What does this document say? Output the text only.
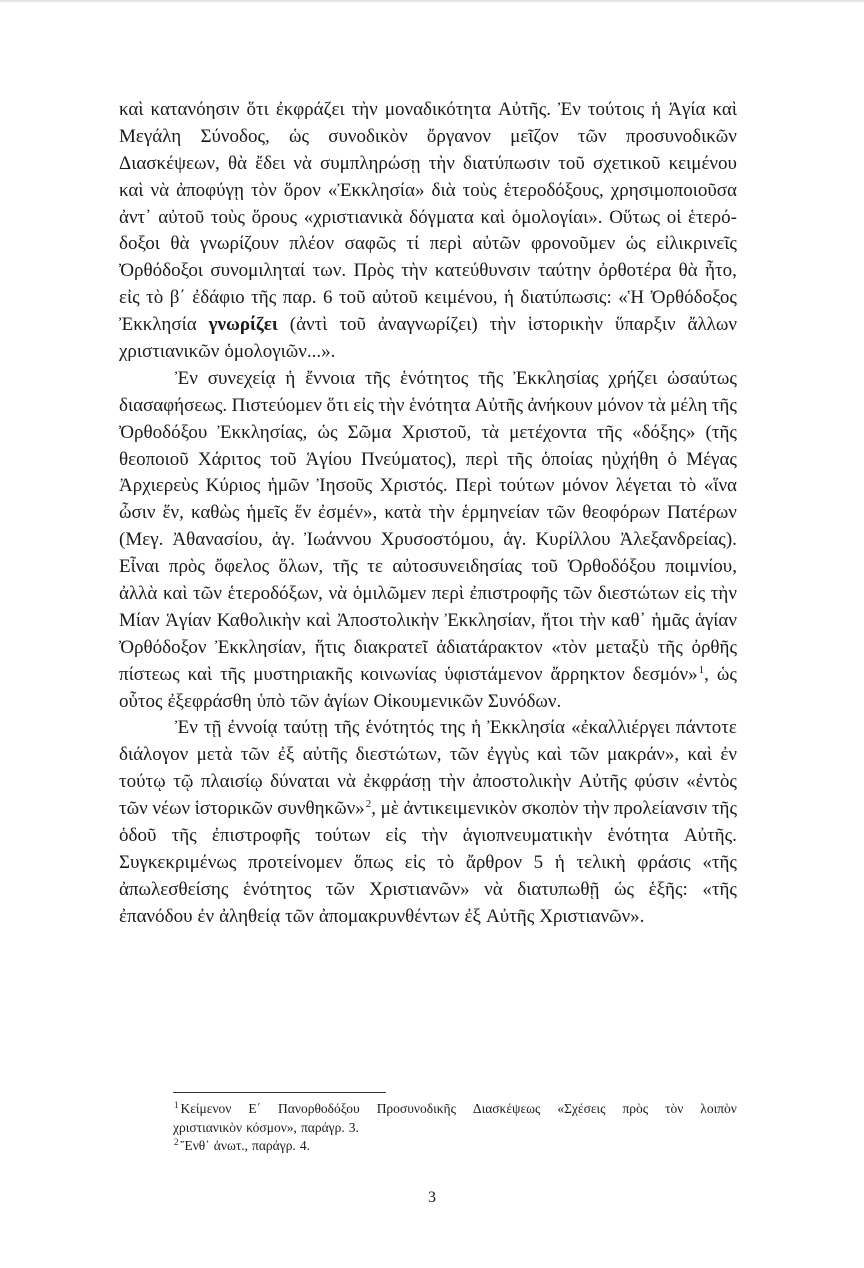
καὶ κατανόησιν ὅτι ἐκφράζει τὴν μοναδικότητα Αὐτῆς. Ἐν τούτοις ἡ Ἁγία καὶ
Μεγάλη Σύνοδος, ὡς συνοδικὸν ὄργανον μεῖζον τῶν προσυνοδικῶν
Διασκέψεων, θὰ ἔδει νὰ συμπληρώσῃ τὴν διατύπωσιν τοῦ σχετικοῦ κειμένου
καὶ νὰ ἀποφύγῃ τὸν ὅρον «Ἐκκλησία» διὰ τοὺς ἑτεροδόξους, χρησιμοποιοῦσα
ἀντ᾽ αὐτοῦ τοὺς ὅρους «χριστιανικὰ δόγματα καὶ ὁμολογίαι». Οὕτως οἱ ἑτερό-
δοξοι θὰ γνωρίζουν πλέον σαφῶς τί περὶ αὐτῶν φρονοῦμεν ὡς εἰλικρινεῖς
Ὀρθόδοξοι συνομιληταί των. Πρὸς τὴν κατεύθυνσιν ταύτην ὀρθοτέρα θὰ ἦτο,
εἰς τὸ β΄ ἐδάφιο τῆς παρ. 6 τοῦ αὐτοῦ κειμένου, ἡ διατύπωσις: «Ἡ Ὀρθόδοξος
Ἐκκλησία γνωρίζει (ἀντὶ τοῦ ἀναγνωρίζει) τὴν ἱστορικὴν ὕπαρξιν ἄλλων
χριστιανικῶν ὁμολογιῶν...».
Ἐν συνεχείᾳ ἡ ἔννοια τῆς ἑνότητος τῆς Ἐκκλησίας χρήζει ὡσαύτως
διασαφήσεως. Πιστεύομεν ὅτι εἰς τὴν ἑνότητα Αὐτῆς ἀνήκουν μόνον τὰ μέλη τῆς
Ὀρθοδόξου Ἐκκλησίας, ὡς Σῶμα Χριστοῦ, τὰ μετέχοντα τῆς «δόξης» (τῆς
θεοποιοῦ Χάριτος τοῦ Ἁγίου Πνεύματος), περὶ τῆς ὁποίας ηὐχήθη ὁ Μέγας
Ἀρχιερεὺς Κύριος ἡμῶν Ἰησοῦς Χριστός. Περὶ τούτων μόνον λέγεται τὸ «ἵνα
ὦσιν ἕν, καθὼς ἡμεῖς ἕν ἐσμέν», κατὰ τὴν ἑρμηνείαν τῶν θεοφόρων Πατέρων
(Μεγ. Ἀθανασίου, ἁγ. Ἰωάννου Χρυσοστόμου, ἁγ. Κυρίλλου Ἀλεξανδρείας).
Εἶναι πρὸς ὄφελος ὅλων, τῆς τε αὐτοσυνειδησίας τοῦ Ὀρθοδόξου ποιμνίου,
ἀλλὰ καὶ τῶν ἑτεροδόξων, νὰ ὁμιλῶμεν περὶ ἐπιστροφῆς τῶν διεστώτων εἰς τὴν
Μίαν Ἁγίαν Καθολικὴν καὶ Ἀποστολικὴν Ἐκκλησίαν, ἤτοι τὴν καθ᾽ ἡμᾶς ἁγίαν
Ὀρθόδοξον Ἐκκλησίαν, ἥτις διακρατεῖ ἀδιατάρακτον «τὸν μεταξὺ τῆς ὀρθῆς
πίστεως καὶ τῆς μυστηριακῆς κοινωνίας ὑφιστάμενον ἄρρηκτον δεσμόν»$^1$, ὡς
οὗτος ἐξεφράσθη ὑπὸ τῶν ἁγίων Οἰκουμενικῶν Συνόδων.
Ἐν τῇ ἐννοίᾳ ταύτῃ τῆς ἑνότητός της ἡ Ἐκκλησία «ἐκαλλιέργει πάντοτε
διάλογον μετὰ τῶν ἐξ αὐτῆς διεστώτων, τῶν ἐγγὺς καὶ τῶν μακράν», καὶ ἐν
τούτῳ τῷ πλαισίῳ δύναται νὰ ἐκφράσῃ τὴν ἀποστολικὴν Αὐτῆς φύσιν «ἐντὸς
τῶν νέων ἱστορικῶν συνθηκῶν»$^2$, μὲ ἀντικειμενικὸν σκοπὸν τὴν προλείανσιν τῆς
ὁδοῦ τῆς ἐπιστροφῆς τούτων εἰς τὴν ἁγιοπνευματικὴν ἑνότητα Αὐτῆς.
Συγκεκριμένως προτείνομεν ὅπως εἰς τὸ ἄρθρον 5 ἡ τελικὴ φράσις «τῆς
ἀπωλεσθείσης ἑνότητος τῶν Χριστιανῶν» νὰ διατυπωθῇ ὡς ἑξῆς: «τῆς
ἐπανόδου ἐν ἀληθείᾳ τῶν ἀπομακρυνθέντων ἐξ Αὐτῆς Χριστιανῶν».
$^1$ Κείμενον Ε΄ Πανορθοδόξου Προσυνοδικῆς Διασκέψεως «Σχέσεις πρὸς τὸν λοιπὸν
χριστιανικὸν κόσμον», παράγρ. 3.
$^2$ Ἔνθ᾽ ἀνωτ., παράγρ. 4.
3
